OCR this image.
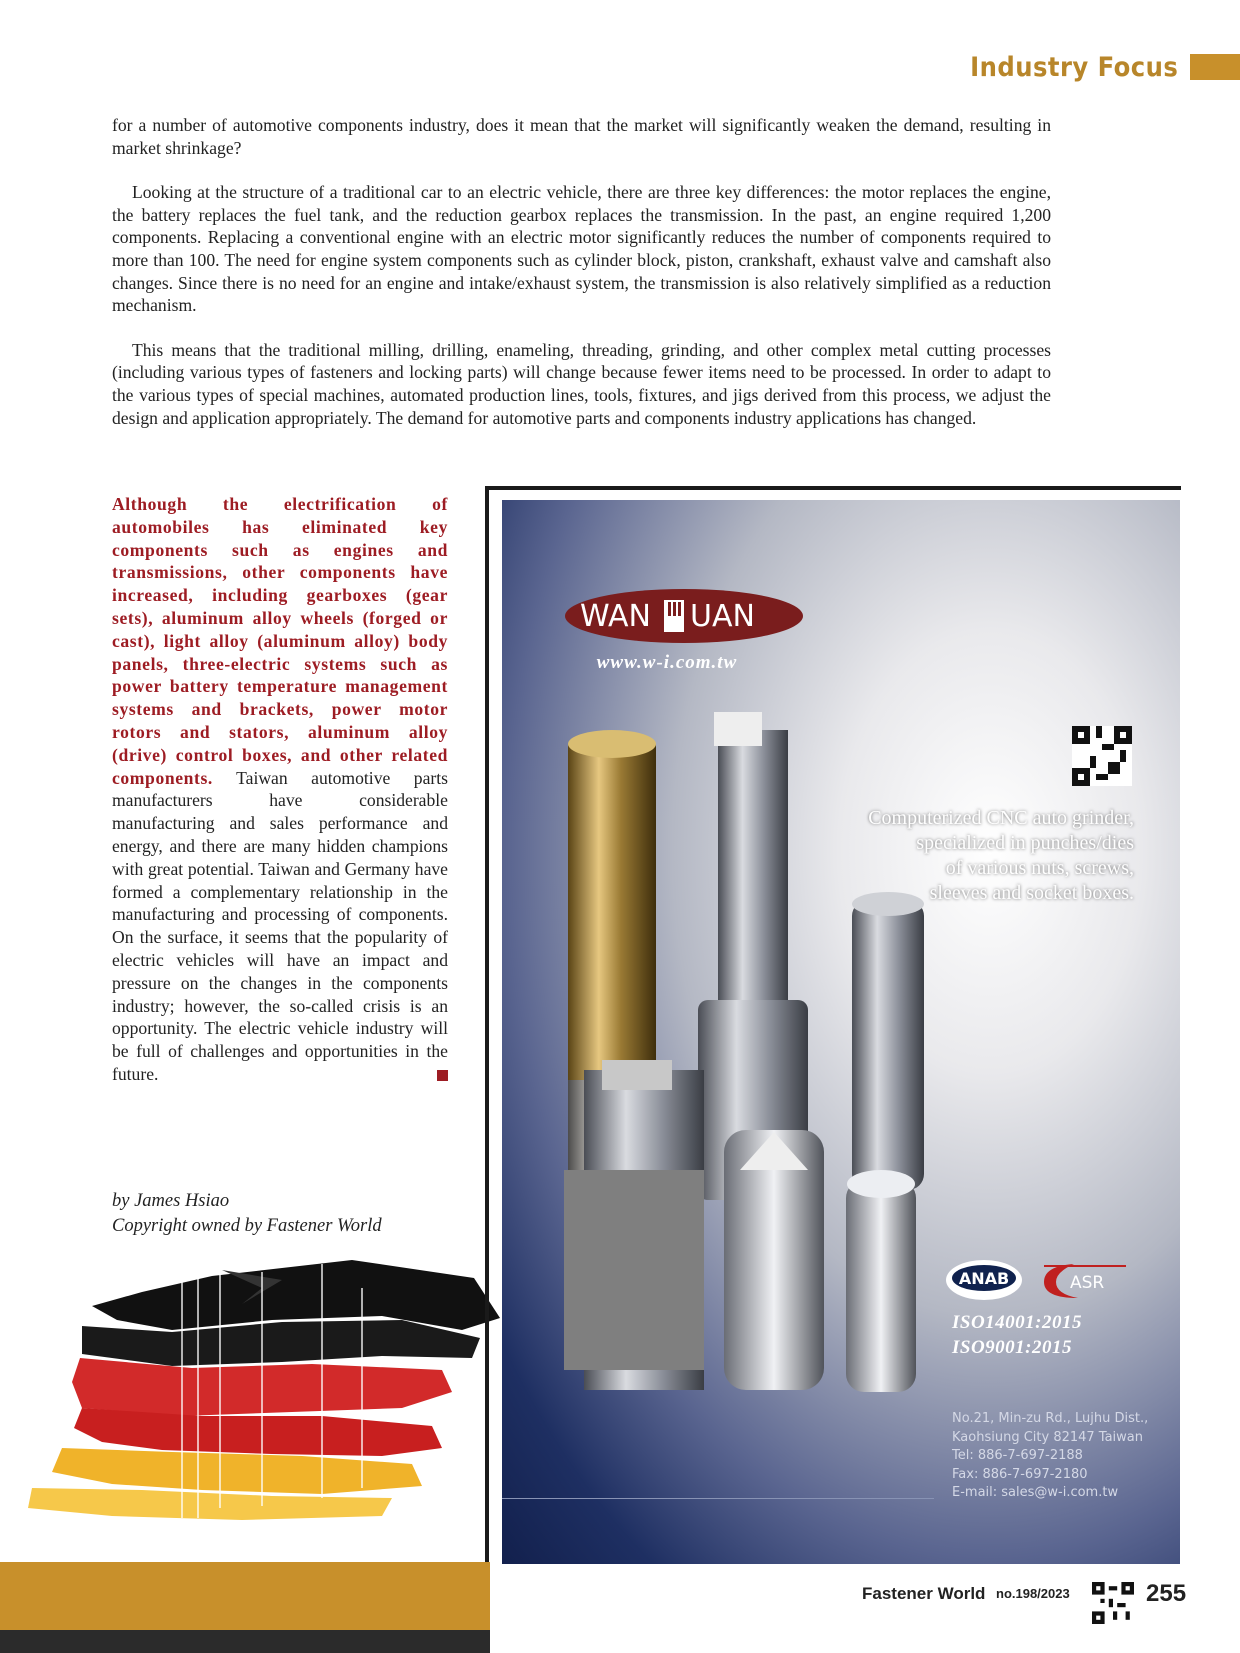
Industry Focus

for a number of automotive components industry, does it mean that the market will significantly weaken the demand, resulting in market shrinkage?

Looking at the structure of a traditional car to an electric vehicle, there are three key differences: the motor replaces the engine, the battery replaces the fuel tank, and the reduction gearbox replaces the transmission. In the past, an engine required 1,200 components. Replacing a conventional engine with an electric motor significantly reduces the number of components required to more than 100. The need for engine system components such as cylinder block, piston, crankshaft, exhaust valve and camshaft also changes. Since there is no need for an engine and intake/exhaust system, the transmission is also relatively simplified as a reduction mechanism.

This means that the traditional milling, drilling, enameling, threading, grinding, and other complex metal cutting processes (including various types of fasteners and locking parts) will change because fewer items need to be processed. In order to adapt to the various types of special machines, automated production lines, tools, fixtures, and jigs derived from this process, we adjust the design and application appropriately. The demand for automotive parts and components industry applications has changed.

Although the electrification of automobiles has eliminated key components such as engines and transmissions, other components have increased, including gearboxes (gear sets), aluminum alloy wheels (forged or cast), light alloy (aluminum alloy) body panels, three-electric systems such as power battery temperature management systems and brackets, power motor rotors and stators, aluminum alloy (drive) control boxes, and other related components. Taiwan automotive parts manufacturers have considerable manufacturing and sales performance and energy, and there are many hidden champions with great potential. Taiwan and Germany have formed a complementary relationship in the manufacturing and processing of components. On the surface, it seems that the popularity of electric vehicles will have an impact and pressure on the changes in the components industry; however, the so-called crisis is an opportunity. The electric vehicle industry will be full of challenges and opportunities in the future.
by James Hsiao
Copyright owned by Fastener World
WAN UAN
www.w-i.com.tw
Computerized CNC auto grinder,
specialized in punches/dies
of various nuts, screws,
sleeves and socket boxes.
ANAB
ACCREDITED
ASR
ISO14001:2015
ISO9001:2015
No.21, Min-zu Rd., Lujhu Dist.,
Kaohsiung City 82147 Taiwan
Tel: 886-7-697-2188
Fax: 886-7-697-2180
E-mail: sales@w-i.com.tw
Fastener World no.198/2023	255
